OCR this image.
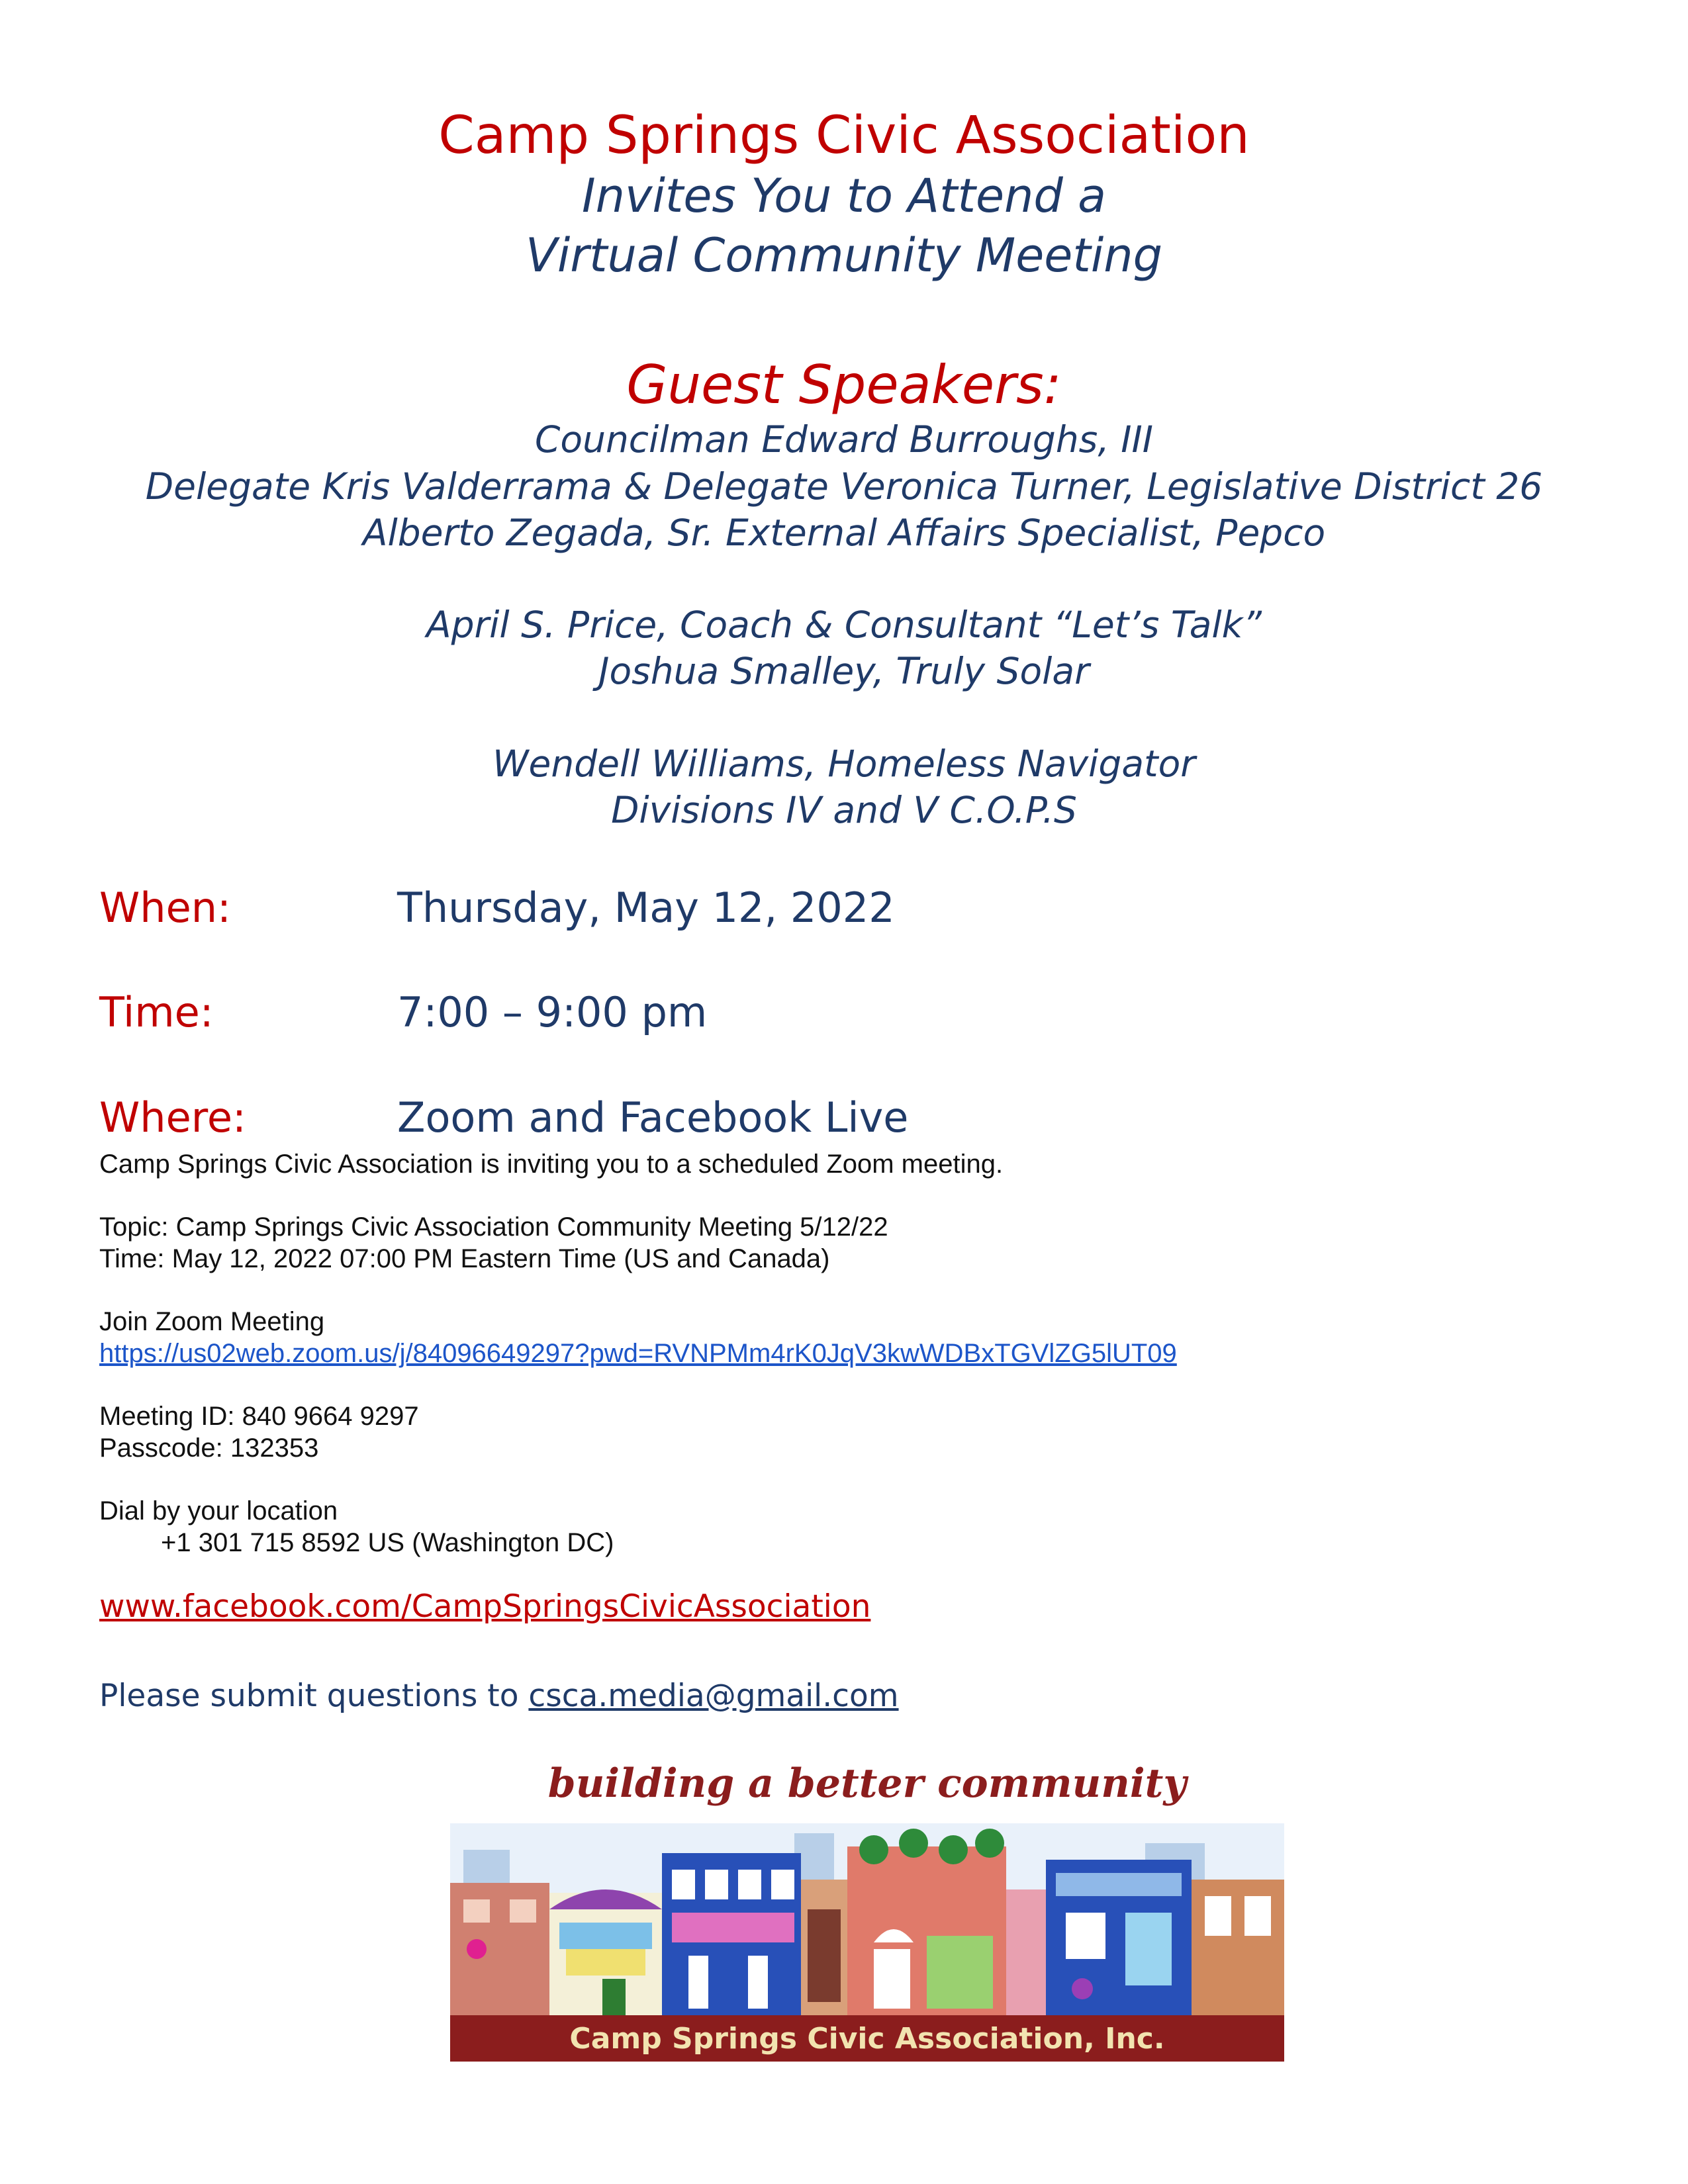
Camp Springs Civic Association
Invites You to Attend a
Virtual Community Meeting
Guest Speakers:
Councilman Edward Burroughs, III
Delegate Kris Valderrama & Delegate Veronica Turner, Legislative District 26
Alberto Zegada, Sr. External Affairs Specialist, Pepco
April S. Price, Coach & Consultant “Let’s Talk”
Joshua Smalley, Truly Solar
Wendell Williams, Homeless Navigator
Divisions IV and V C.O.P.S
When:	Thursday, May 12, 2022
Time:	7:00 – 9:00 pm
Where:	Zoom and Facebook Live
Camp Springs Civic Association is inviting you to a scheduled Zoom meeting.
Topic: Camp Springs Civic Association Community Meeting 5/12/22
Time: May 12, 2022 07:00 PM Eastern Time (US and Canada)
Join Zoom Meeting
https://us02web.zoom.us/j/84096649297?pwd=RVNPMm4rK0JqV3kwWDBxTGVlZG5lUT09
Meeting ID: 840 9664 9297
Passcode: 132353
Dial by your location
+1 301 715 8592 US (Washington DC)
www.facebook.com/CampSpringsCivicAssociation
Please submit questions to csca.media@gmail.com
building a better community
Camp Springs Civic Association, Inc.
